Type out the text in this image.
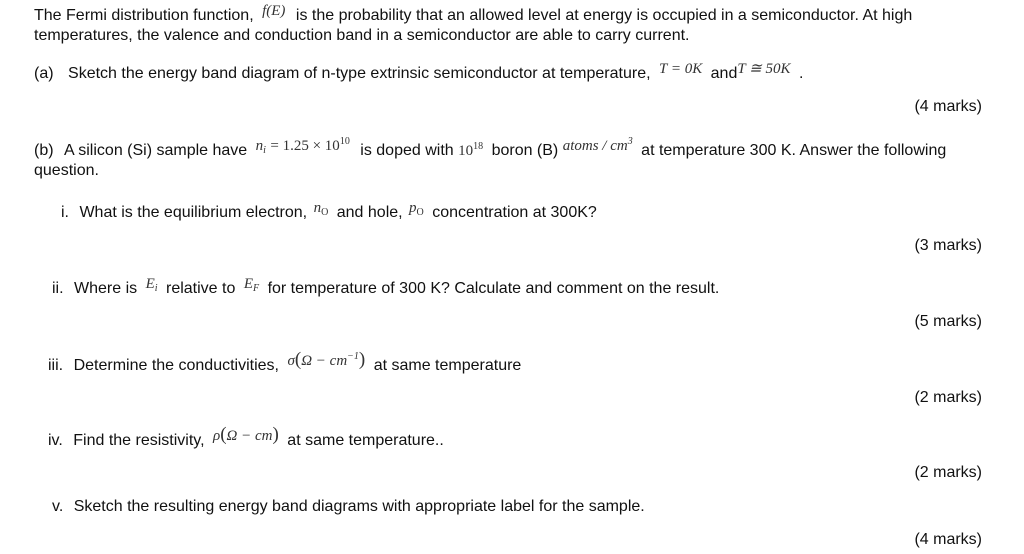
The Fermi distribution function, f(E) is the probability that an allowed level at energy is occupied in a semiconductor. At high
temperatures, the valence and conduction band in a semiconductor are able to carry current.
(a) Sketch the energy band diagram of n-type extrinsic semiconductor at temperature, T = 0K andT ≅ 50K .
(4 marks)
(b) A silicon (Si) sample have ni = $1.25 \times 10^{10}$ is doped with $10^{18}$ boron (B) atoms / $cm^3$ at temperature 300 K. Answer the following
question.
i. What is the equilibrium electron, nO and hole, pO concentration at 300K?
(3 marks)
ii. Where is Ei relative to EF for temperature of 300 K? Calculate and comment on the result.
(5 marks)
iii. Determine the conductivities, $\sigma(\Omega - cm^{-1})$ at same temperature
(2 marks)
iv. Find the resistivity, ρ(Ω − cm) at same temperature..
(2 marks)
v. Sketch the resulting energy band diagrams with appropriate label for the sample.
(4 marks)
